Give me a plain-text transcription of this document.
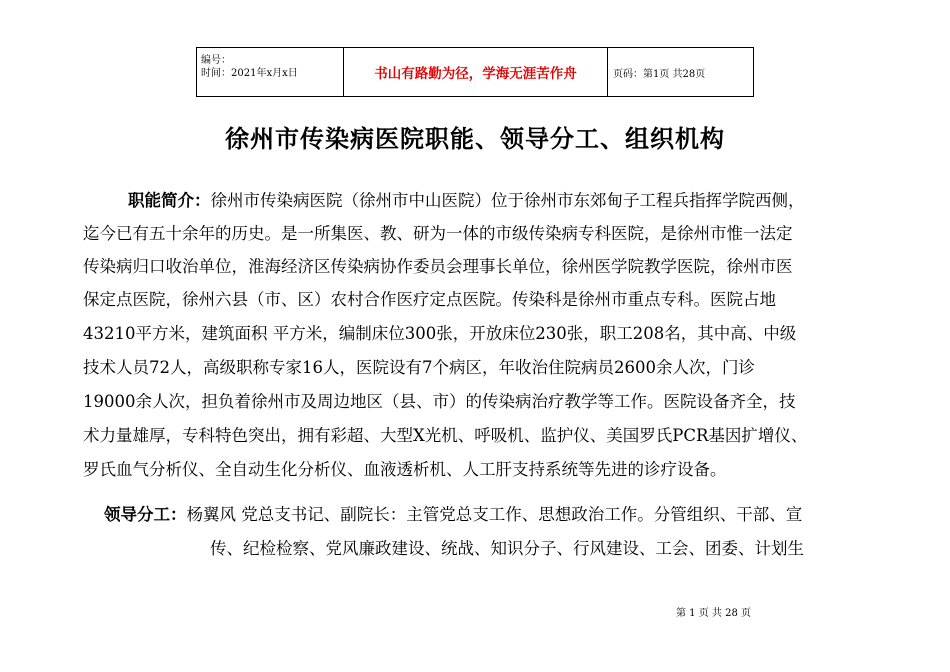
编号：
时间：2021年x月x日	书山有路勤为径，学海无涯苦作舟	页码：第1页 共28页
徐州市传染病医院职能、领导分工、组织机构
职能简介：徐州市传染病医院（徐州市中山医院）位于徐州市东郊甸子工程兵指挥学院西侧，
迄今已有五十余年的历史。是一所集医、教、研为一体的市级传染病专科医院，是徐州市惟一法定
传染病归口收治单位，淮海经济区传染病协作委员会理事长单位，徐州医学院教学医院，徐州市医
保定点医院，徐州六县（市、区）农村合作医疗定点医院。传染科是徐州市重点专科。医院占地
43210平方米，建筑面积 平方米，编制床位300张，开放床位230张，职工208名，其中高、中级
技术人员72人，高级职称专家16人，医院设有7个病区，年收治住院病员2600余人次，门诊
19000余人次，担负着徐州市及周边地区（县、市）的传染病治疗教学等工作。医院设备齐全，技
术力量雄厚，专科特色突出，拥有彩超、大型X光机、呼吸机、监护仪、美国罗氏PCR基因扩增仪、
罗氏血气分析仪、全自动生化分析仪、血液透析机、人工肝支持系统等先进的诊疗设备。
领导分工：杨翼风 党总支书记、副院长：主管党总支工作、思想政治工作。分管组织、干部、宣
传、纪检检察、党风廉政建设、统战、知识分子、行风建设、工会、团委、计划生
第 1 页 共 28 页
